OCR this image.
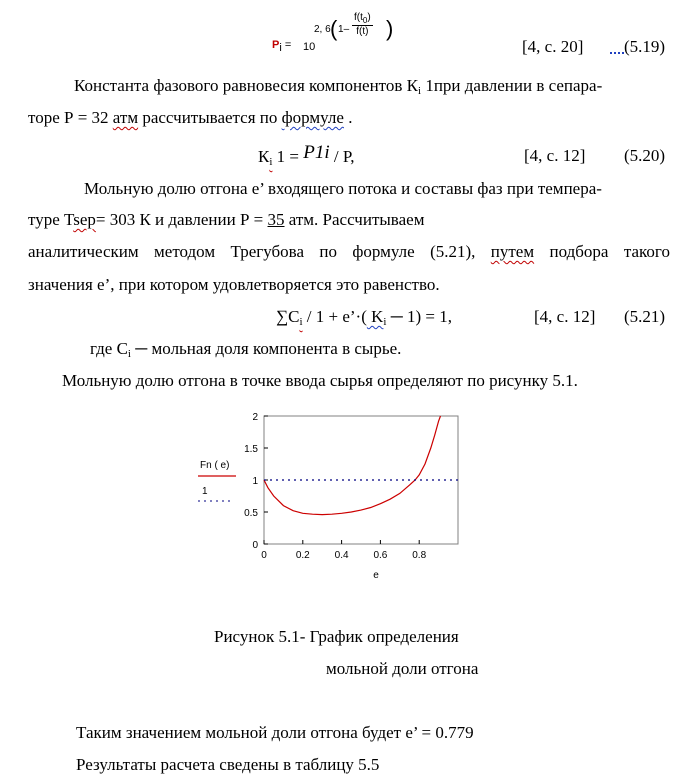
Pi = 10
2, 6 ( $1- \frac{f(t_0)}{f(t)}$ )
[4, с. 20] (5.19)
Константа фазового равновесия компонентов $К_i$ 1при давлении в сепара-
торе Р = 32 атм рассчитывается по формуле .
$К_i$ 1 = P1i / Р,	[4, с. 12] (5.20)
Мольную долю отгона е’ входящего потока и составы фаз при темпера-
туре Tsep= 303 К и давлении Р = 35 атм. Рассчитываем
аналитическим методом Трегубова по формуле (5.21), путем подбора такого
значения е’, при котором удовлетворяется это равенство.
$\sum C_i / 1$ + е’·( $K_i$ ─ 1) = 1,	[4, с. 12] (5.21)
где $C_i$ ─ мольная доля компонента в сырье.
Мольную долю отгона в точке ввода сырья определяют по рисунку 5.1.
0
0.5
1
1.5
2
0	0.2 0.4 0.6 0.8
e
Fn ( e)
1
Рисунок 5.1- График определения
мольной доли отгона
Таким значением мольной доли отгона будет е’ = 0.779
Результаты расчета сведены в таблицу 5.5
